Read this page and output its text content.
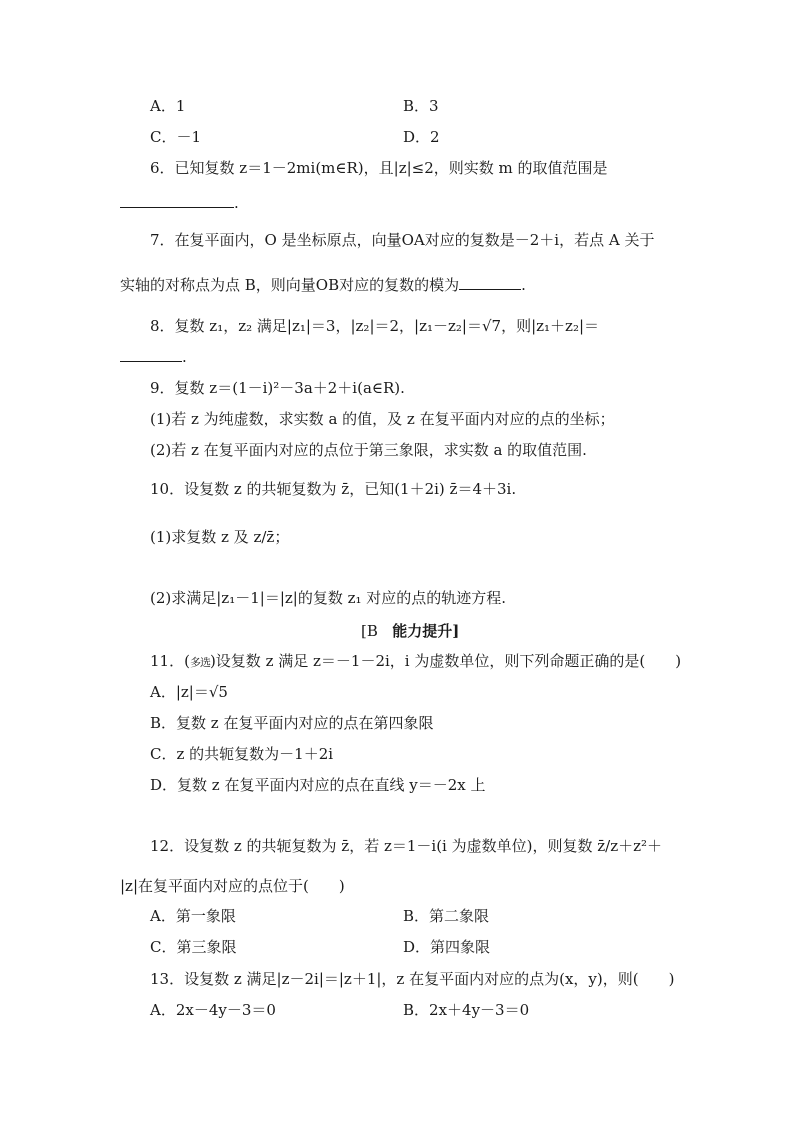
A．1	B．3
C．－1	D．2
6．已知复数 z＝1－2mi(m∈R)，且|z|≤2，则实数 m 的取值范围是
.
7．在复平面内，O 是坐标原点，向量OA对应的复数是－2＋i，若点 A 关于
实轴的对称点为点 B，则向量OB对应的复数的模为	.
8．复数 z₁，z₂ 满足|z₁|＝3，|z₂|＝2，|z₁－z₂|＝√7，则|z₁＋z₂|＝
.
9．复数 z＝(1－i)²－3a＋2＋i(a∈R).
(1)若 z 为纯虚数，求实数 a 的值，及 z 在复平面内对应的点的坐标；
(2)若 z 在复平面内对应的点位于第三象限，求实数 a 的取值范围.
10．设复数 z 的共轭复数为 z̄，已知(1＋2i) z̄＝4＋3i.
(1)求复数 z 及 z/z̄；
(2)求满足|z₁－1|＝|z|的复数 z₁ 对应的点的轨迹方程.
[B 能力提升]
11．(多选)设复数 z 满足 z＝－1－2i，i 为虚数单位，则下列命题正确的是(　　)
A．|z|＝√5
B．复数 z 在复平面内对应的点在第四象限
C．z 的共轭复数为－1＋2i
D．复数 z 在复平面内对应的点在直线 y＝－2x 上
12．设复数 z 的共轭复数为 z̄，若 z＝1－i(i 为虚数单位)，则复数 z̄/z＋z²＋
|z|在复平面内对应的点位于(　　)
A．第一象限	B．第二象限
C．第三象限	D．第四象限
13．设复数 z 满足|z－2i|＝|z＋1|，z 在复平面内对应的点为(x，y)，则(　　)
A．2x－4y－3＝0	B．2x＋4y－3＝0
